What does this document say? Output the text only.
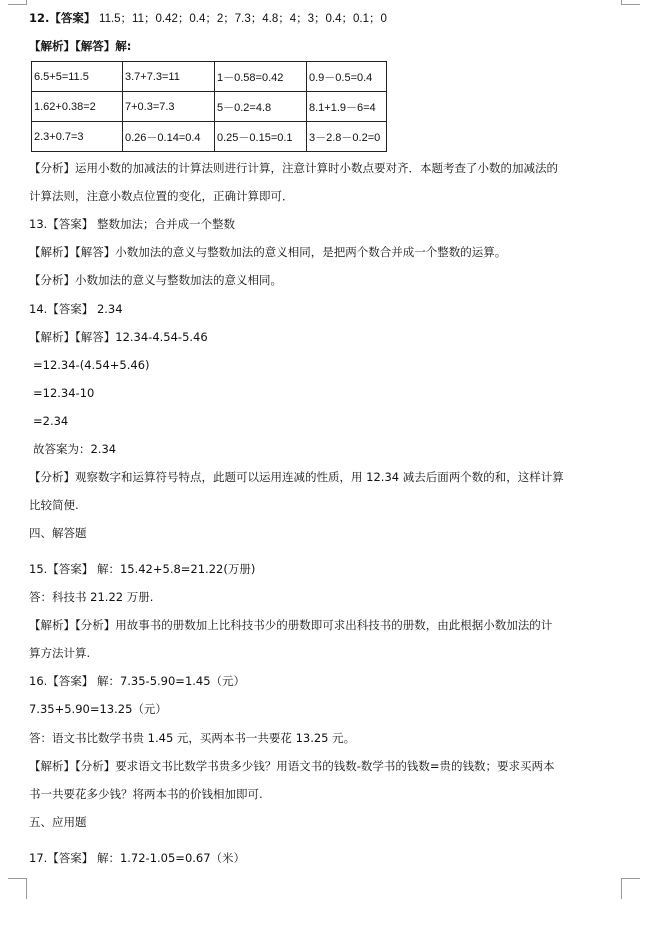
12.【答案】 11.5；11；0.42；0.4；2；7.3；4.8；4；3；0.4；0.1；0
【解析】【解答】解:
6.5+5=11.5	3.7+7.3=11	1－0.58=0.42	0.9－0.5=0.4
1.62+0.38=2	7+0.3=7.3	5－0.2=4.8	8.1+1.9－6=4
2.3+0.7=3	0.26－0.14=0.4	0.25－0.15=0.1	3－2.8－0.2=0
【分析】运用小数的加减法的计算法则进行计算，注意计算时小数点要对齐．本题考查了小数的加减法的
计算法则，注意小数点位置的变化，正确计算即可．
13.【答案】 整数加法；合并成一个整数
【解析】【解答】小数加法的意义与整数加法的意义相同，是把两个数合并成一个整数的运算。
【分析】小数加法的意义与整数加法的意义相同。
14.【答案】 2.34
【解析】【解答】12.34-4.54-5.46
=12.34-(4.54+5.46)
=12.34-10
=2.34
故答案为：2.34
【分析】观察数字和运算符号特点，此题可以运用连减的性质，用 12.34 减去后面两个数的和，这样计算
比较简便.
四、解答题
15.【答案】 解：15.42+5.8=21.22(万册)
答：科技书 21.22 万册.
【解析】【分析】用故事书的册数加上比科技书少的册数即可求出科技书的册数，由此根据小数加法的计
算方法计算.
16.【答案】 解：7.35-5.90=1.45（元）
7.35+5.90=13.25（元）
答：语文书比数学书贵 1.45 元，买两本书一共要花 13.25 元。
【解析】【分析】要求语文书比数学书贵多少钱？用语文书的钱数-数学书的钱数=贵的钱数；要求买两本
书一共要花多少钱？将两本书的价钱相加即可.
五、应用题
17.【答案】 解：1.72-1.05=0.67（米）
